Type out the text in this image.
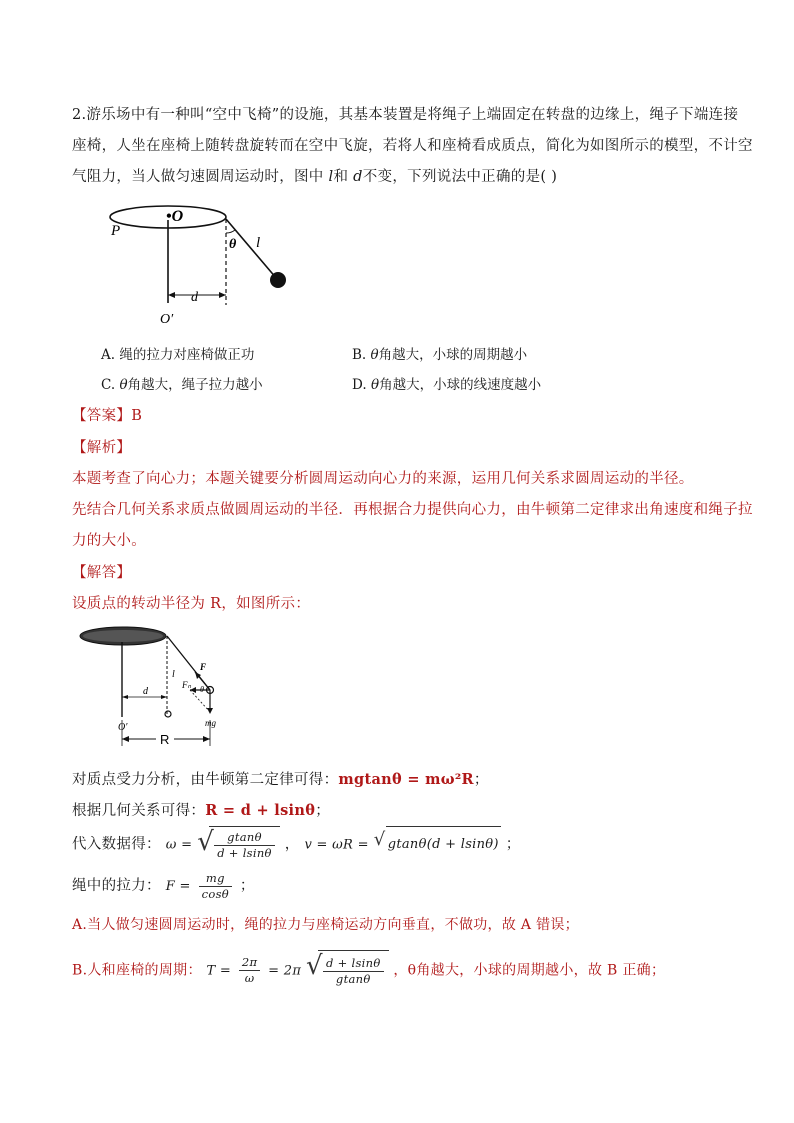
2.游乐场中有一种叫“空中飞椅”的设施，其基本装置是将绳子上端固定在转盘的边缘上，绳子下端连接
座椅，人坐在座椅上随转盘旋转而在空中飞旋，若将人和座椅看成质点，简化为如图所示的模型，不计空
气阻力，当人做匀速圆周运动时，图中 l和 d不变，下列说法中正确的是( )
•O
P
θ l
d
O′
A. 绳的拉力对座椅做正功	B. θ角越大，小球的周期越小
C. θ角越大，绳子拉力越小	D. θ角越大，小球的线速度越小
【答案】B
【解析】
本题考查了向心力；本题关键要分析圆周运动向心力的来源，运用几何关系求圆周运动的半径。
先结合几何关系求质点做圆周运动的半径．再根据合力提供向心力，由牛顿第二定律求出角速度和绳子拉
力的大小。
【解答】
设质点的转动半径为 R，如图所示：
l
F
Fₙ θ
mg
d
O′
R
对质点受力分析，由牛顿第二定律可得：mgtanθ = mω²R；
根据几何关系可得：R = d + lsinθ；
代入数据得： ω = √ $\frac{gtan\theta}{d + lsin\theta}$ ， v = ωR = √ gtanθ(d + lsinθ) ；
绳中的拉力： $F = \frac{mg}{\cos\theta}$ ；
A.当人做匀速圆周运动时，绳的拉力与座椅运动方向垂直，不做功，故 A 错误；
B.人和座椅的周期： $T = \frac{2\pi}{\omega} = 2\pi$ √ $\frac{d + lsin\theta}{gtan\theta}$ ，θ角越大，小球的周期越小，故 B 正确；
